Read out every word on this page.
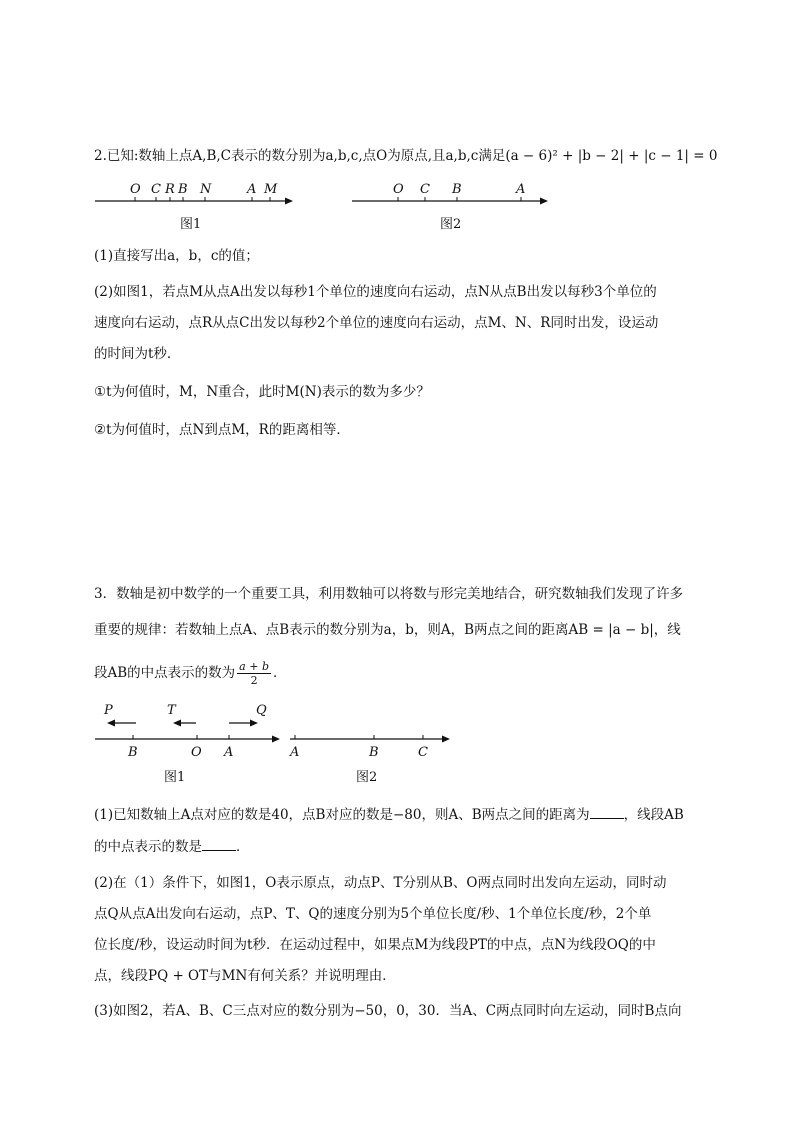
2.已知:数轴上点A,B,C表示的数分别为a,b,c,点O为原点,且a,b,c满足(a − 6)² + |b − 2| + |c − 1| = 0
O C R B N	A M
图1
O C B	A
图2
B	O A
P	T	Q
图1
A	B	C
图2
(1)直接写出a，b，c的值；
(2)如图1，若点M从点A出发以每秒1个单位的速度向右运动，点N从点B出发以每秒3个单位的
速度向右运动，点R从点C出发以每秒2个单位的速度向右运动，点M、N、R同时出发，设运动
的时间为t秒．
①t为何值时，M，N重合，此时M(N)表示的数为多少？
②t为何值时，点N到点M，R的距离相等．
3．数轴是初中数学的一个重要工具，利用数轴可以将数与形完美地结合，研究数轴我们发现了许多
重要的规律：若数轴上点A、点B表示的数分别为a，b，则A，B两点之间的距离AB = |a − b|，线
段AB的中点表示的数为 $\frac{a + b}{2}$ ．
(1)已知数轴上A点对应的数是40，点B对应的数是−80，则A、B两点之间的距离为	，线段AB
的中点表示的数是	．
(2)在（1）条件下，如图1，O表示原点，动点P、T分别从B、O两点同时出发向左运动，同时动
点Q从点A出发向右运动，点P、T、Q的速度分别为5个单位长度/秒、1个单位长度/秒，2个单
位长度/秒，设运动时间为t秒．在运动过程中，如果点M为线段PT的中点，点N为线段OQ的中
点，线段PQ + OT与MN有何关系？并说明理由．
(3)如图2，若A、B、C三点对应的数分别为−50，0，30．当A、C两点同时向左运动，同时B点向
